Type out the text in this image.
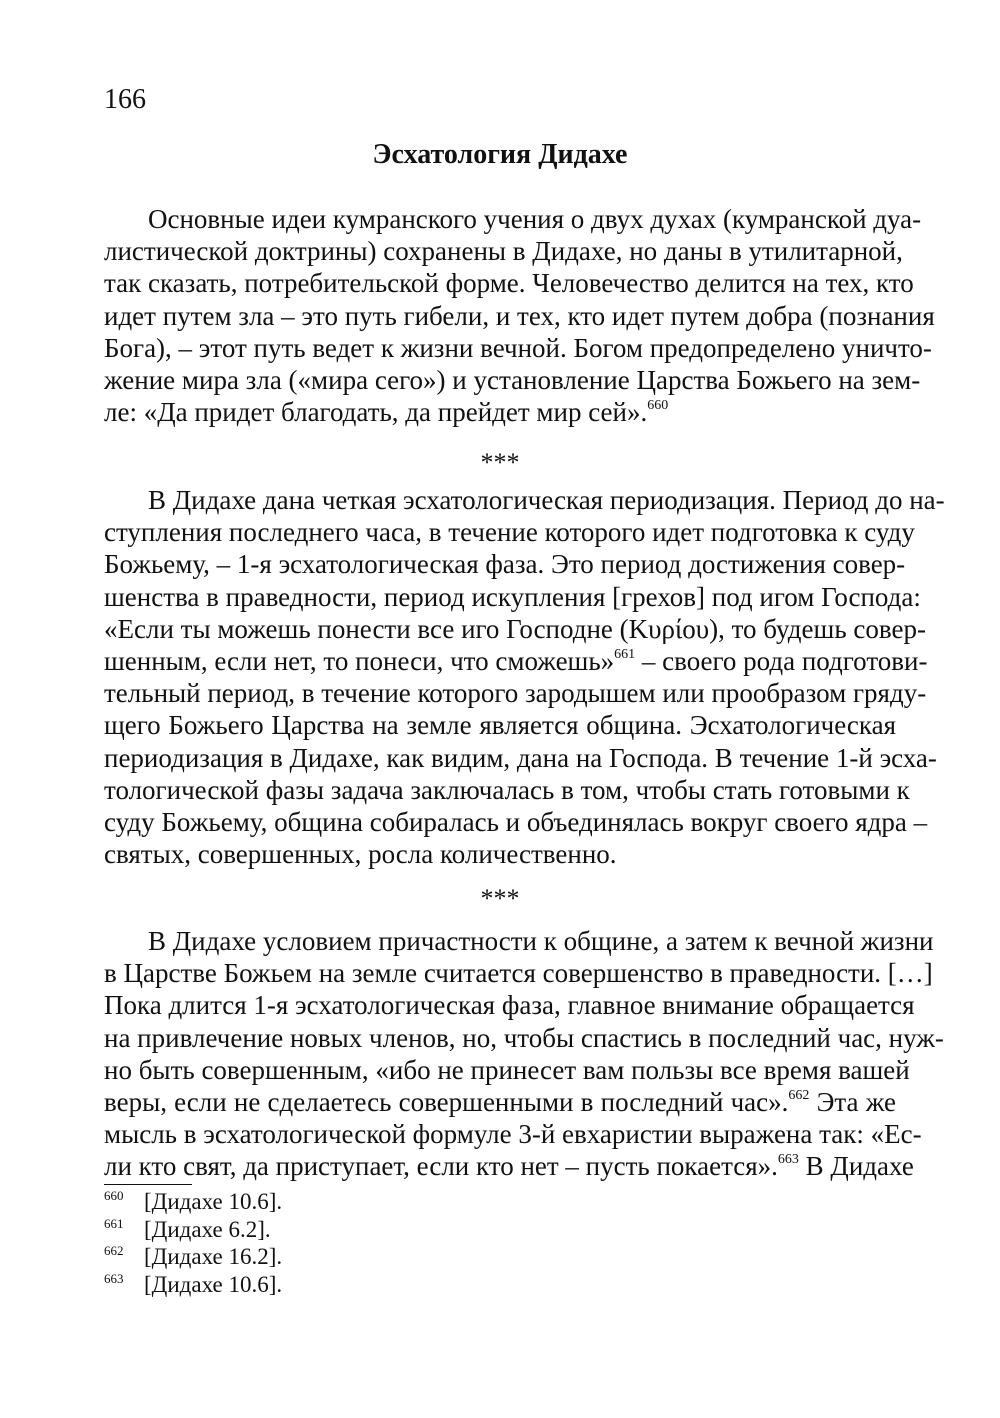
166
Эсхатология Дидахе
Основные идеи кумранского учения о двух духах (кумранской дуа-
листической доктрины) сохранены в Дидахе, но даны в утилитарной,
так сказать, потребительской форме. Человечество делится на тех, кто
идет путем зла – это путь гибели, и тех, кто идет путем добра (познания
Бога), – этот путь ведет к жизни вечной. Богом предопределено уничто-
жение мира зла («мира сего») и установление Царства Божьего на зем-
ле: «Да придет благодать, да прейдет мир сей».$^{660}$
***
В Дидахе дана четкая эсхатологическая периодизация. Период до на-
ступления последнего часа, в течение которого идет подготовка к суду
Божьему, – 1-я эсхатологическая фаза. Это период достижения совер-
шенства в праведности, период искупления [грехов] под игом Господа:
«Если ты можешь понести все иго Господне (Κυρίου), то будешь совер-
шенным, если нет, то понеси, что сможешь»$^{661}$ – своего рода подготови-
тельный период, в течение которого зародышем или прообразом гряду-
щего Божьего Царства на земле является община. Эсхатологическая
периодизация в Дидахе, как видим, дана на Господа. В течение 1-й эсха-
тологической фазы задача заключалась в том, чтобы стать готовыми к
суду Божьему, община собиралась и объединялась вокруг своего ядра –
святых, совершенных, росла количественно.
***
В Дидахе условием причастности к общине, а затем к вечной жизни
в Царстве Божьем на земле считается совершенство в праведности. […]
Пока длится 1-я эсхатологическая фаза, главное внимание обращается
на привлечение новых членов, но, чтобы спастись в последний час, нуж-
но быть совершенным, «ибо не принесет вам пользы все время вашей
веры, если не сделаетесь совершенными в последний час».$^{662}$ Эта же
мысль в эсхатологической формуле 3-й евхаристии выражена так: «Ес-
ли кто свят, да приступает, если кто нет – пусть покается».$^{663}$ В Дидахе
660 [Дидахе 10.6].
661 [Дидахе 6.2].
662 [Дидахе 16.2].
663 [Дидахе 10.6].
